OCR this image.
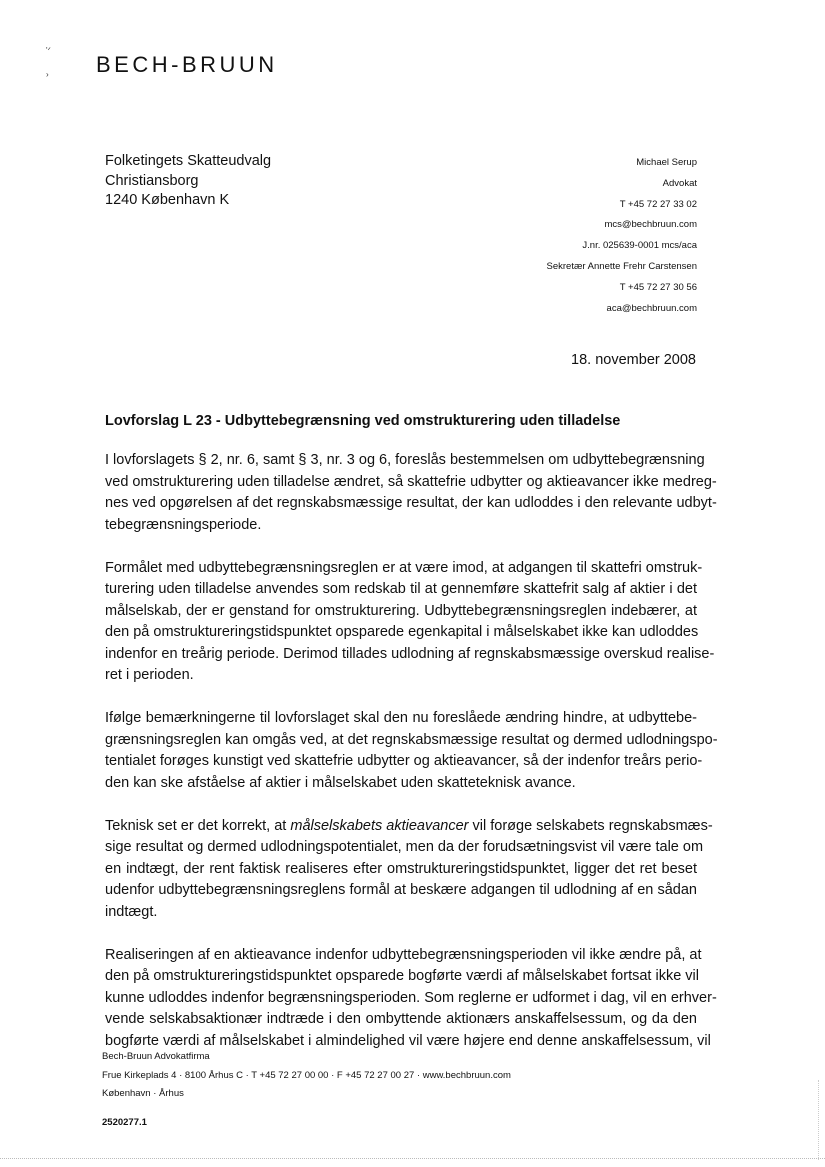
'ᐟ
› BECH-BRUUN
Folketingets Skatteudvalg
Christiansborg
1240 København K
Michael Serup
Advokat
T +45 72 27 33 02
mcs@bechbruun.com
J.nr. 025639-0001 mcs/aca
Sekretær Annette Frehr Carstensen
T +45 72 27 30 56
aca@bechbruun.com
18. november 2008
Lovforslag L 23 - Udbyttebegrænsning ved omstrukturering uden tilladelse

I lovforslagets § 2, nr. 6, samt § 3, nr. 3 og 6, foreslås bestemmelsen om udbyttebegrænsning
ved omstrukturering uden tilladelse ændret, så skattefrie udbytter og aktieavancer ikke medreg-
nes ved opgørelsen af det regnskabsmæssige resultat, der kan udloddes i den relevante udbyt-
tebegrænsningsperiode.

Formålet med udbyttebegrænsningsreglen er at være imod, at adgangen til skattefri omstruk-
turering uden tilladelse anvendes som redskab til at gennemføre skattefrit salg af aktier i det
målselskab, der er genstand for omstrukturering. Udbyttebegrænsningsreglen indebærer, at
den på omstruktureringstidspunktet opsparede egenkapital i målselskabet ikke kan udloddes
indenfor en treårig periode. Derimod tillades udlodning af regnskabsmæssige overskud realise-
ret i perioden.

Ifølge bemærkningerne til lovforslaget skal den nu foreslåede ændring hindre, at udbyttebe-
grænsningsreglen kan omgås ved, at det regnskabsmæssige resultat og dermed udlodningspo-
tentialet forøges kunstigt ved skattefrie udbytter og aktieavancer, så der indenfor treårs perio-
den kan ske afståelse af aktier i målselskabet uden skatteteknisk avance.

Teknisk set er det korrekt, at målselskabets aktieavancer vil forøge selskabets regnskabsmæs-
sige resultat og dermed udlodningspotentialet, men da der forudsætningsvist vil være tale om
en indtægt, der rent faktisk realiseres efter omstruktureringstidspunktet, ligger det ret beset
udenfor udbyttebegrænsningsreglens formål at beskære adgangen til udlodning af en sådan
indtægt.

Realiseringen af en aktieavance indenfor udbyttebegrænsningsperioden vil ikke ændre på, at
den på omstruktureringstidspunktet opsparede bogførte værdi af målselskabet fortsat ikke vil
kunne udloddes indenfor begrænsningsperioden. Som reglerne er udformet i dag, vil en erhver-
vende selskabsaktionær indtræde i den ombyttende aktionærs anskaffelsessum, og da den
bogførte værdi af målselskabet i almindelighed vil være højere end denne anskaffelsessum, vil

Bech-Bruun Advokatfirma
Frue Kirkeplads 4 · 8100 Århus C · T +45 72 27 00 00 · F +45 72 27 00 27 · www.bechbruun.com
København · Århus
2520277.1
